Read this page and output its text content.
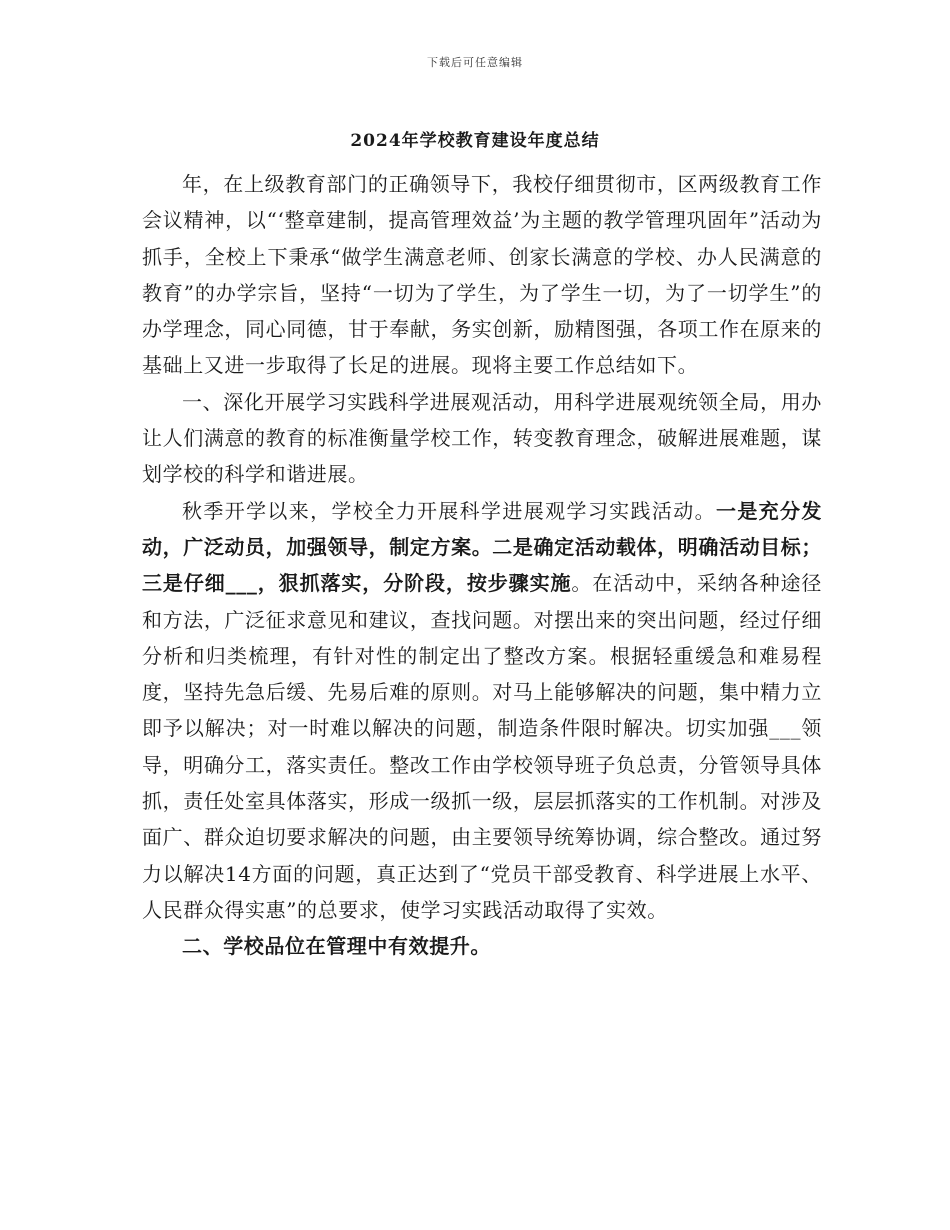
下载后可任意编辑
2024年学校教育建设年度总结

年，在上级教育部门的正确领导下，我校仔细贯彻市，区两级教育工作会议精神，以“‘整章建制，提高管理效益’为主题的教学管理巩固年”活动为抓手，全校上下秉承“做学生满意老师、创家长满意的学校、办人民满意的教育”的办学宗旨，坚持“一切为了学生，为了学生一切，为了一切学生”的办学理念，同心同德，甘于奉献，务实创新，励精图强，各项工作在原来的基础上又进一步取得了长足的进展。现将主要工作总结如下。

一、深化开展学习实践科学进展观活动，用科学进展观统领全局，用办让人们满意的教育的标准衡量学校工作，转变教育理念，破解进展难题，谋划学校的科学和谐进展。

秋季开学以来，学校全力开展科学进展观学习实践活动。一是充分发动，广泛动员，加强领导，制定方案。二是确定活动载体，明确活动目标；三是仔细___，狠抓落实，分阶段，按步骤实施。在活动中，采纳各种途径和方法，广泛征求意见和建议，查找问题。对摆出来的突出问题，经过仔细分析和归类梳理，有针对性的制定出了整改方案。根据轻重缓急和难易程度，坚持先急后缓、先易后难的原则。对马上能够解决的问题，集中精力立即予以解决；对一时难以解决的问题，制造条件限时解决。切实加强___领导，明确分工，落实责任。整改工作由学校领导班子负总责，分管领导具体抓，责任处室具体落实，形成一级抓一级，层层抓落实的工作机制。对涉及面广、群众迫切要求解决的问题，由主要领导统筹协调，综合整改。通过努力以解决14方面的问题，真正达到了“党员干部受教育、科学进展上水平、人民群众得实惠”的总要求，使学习实践活动取得了实效。

二、学校品位在管理中有效提升。
